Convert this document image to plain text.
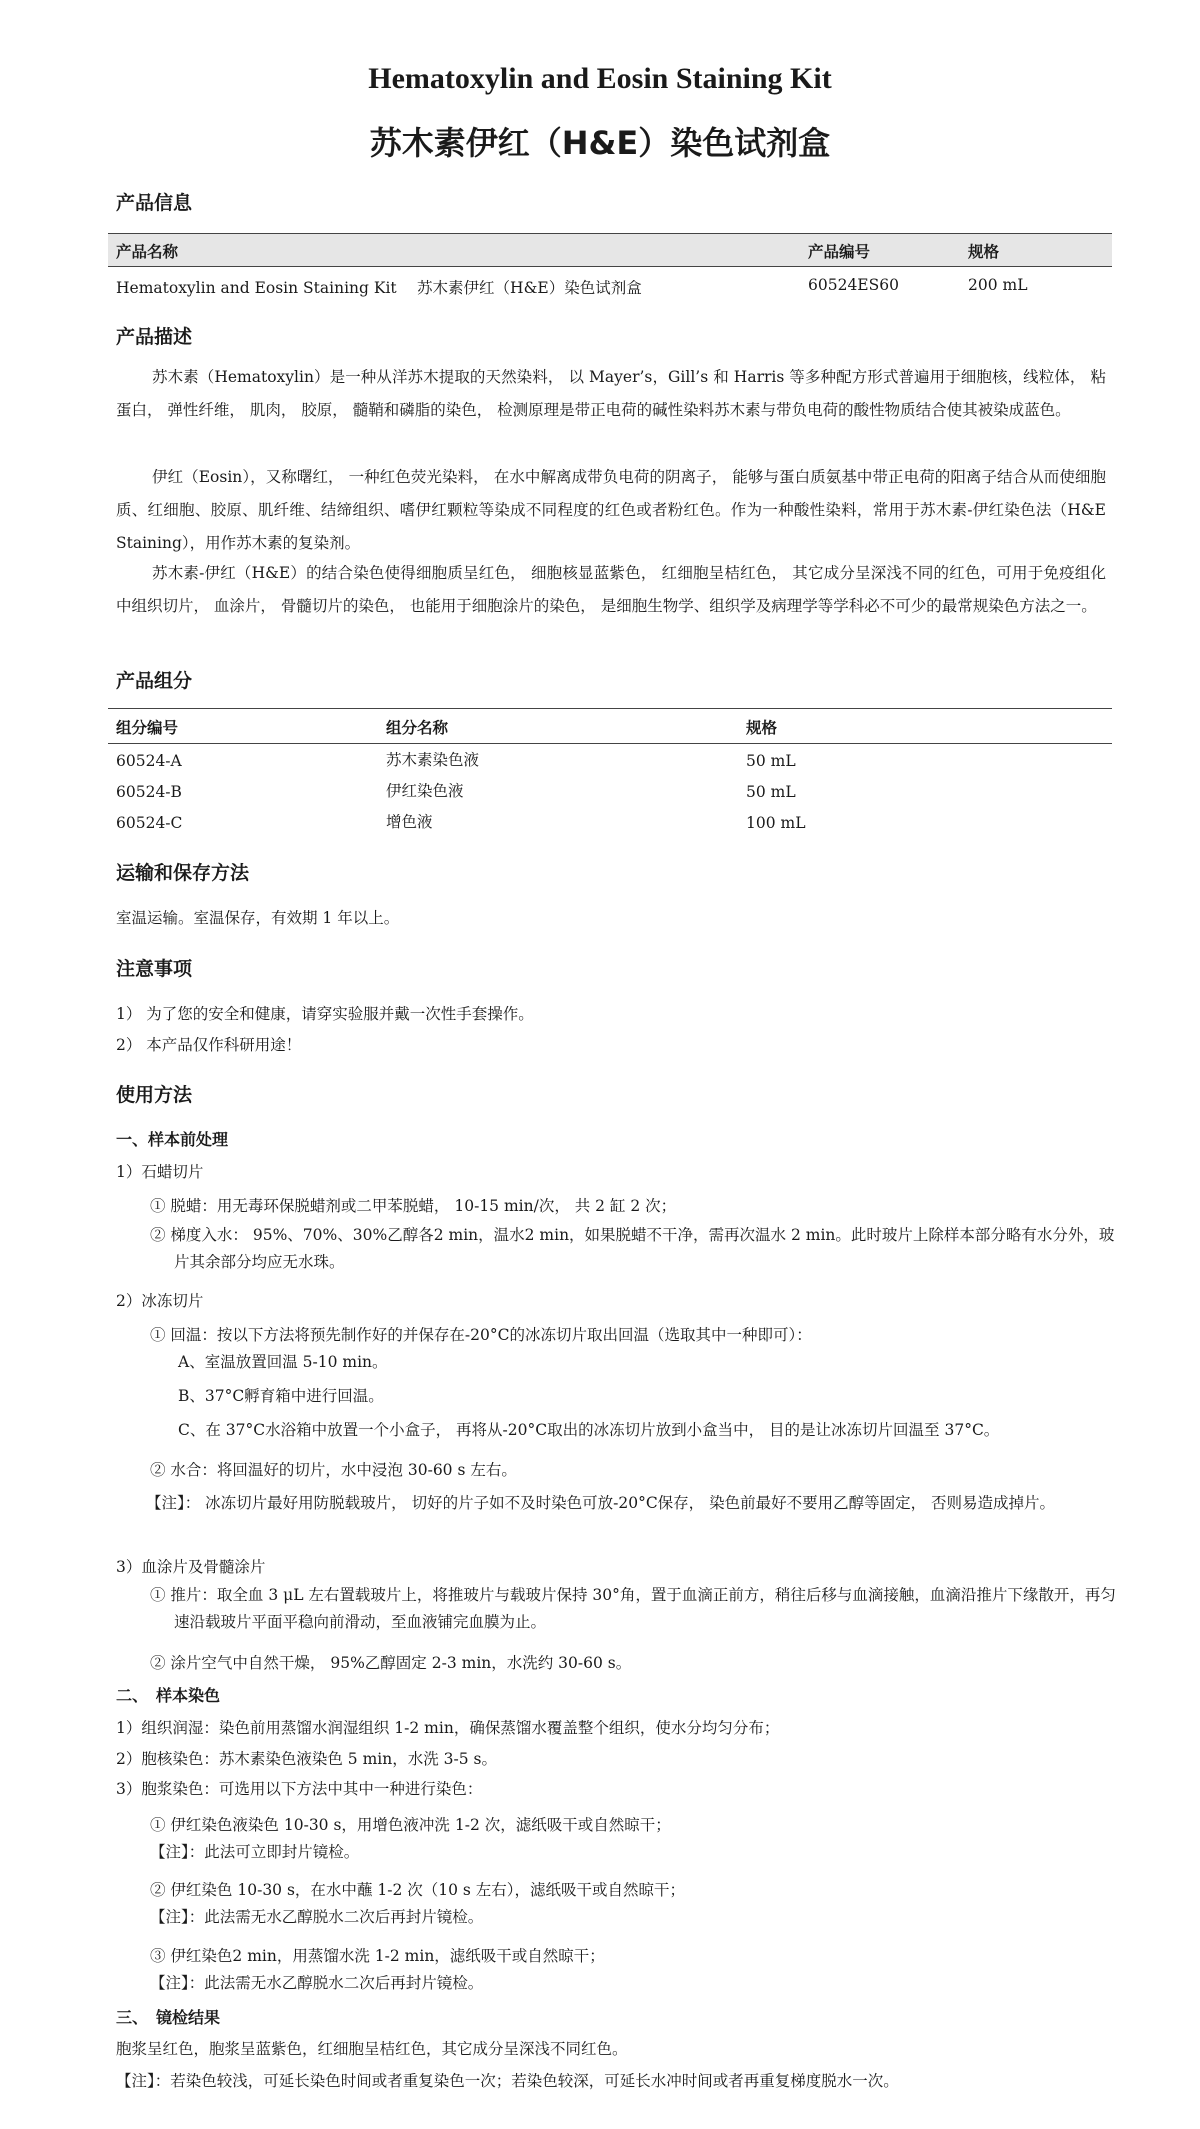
Hematoxylin and Eosin Staining Kit
苏木素伊红（H&E）染色试剂盒
产品信息
产品名称	产品编号	规格
Hematoxylin and Eosin Staining Kit　 苏木素伊红（H&E）染色试剂盒	60524ES60	200 mL
产品描述
苏木素（Hematoxylin）是一种从洋苏木提取的天然染料， 以 Mayer’s，Gill’s 和 Harris 等多种配方形式普遍用于细胞核，线粒体， 粘蛋白， 弹性纤维， 肌肉， 胶原， 髓鞘和磷脂的染色， 检测原理是带正电荷的碱性染料苏木素与带负电荷的酸性物质结合使其被染成蓝色。
伊红（Eosin），又称曙红， 一种红色荧光染料， 在水中解离成带负电荷的阴离子， 能够与蛋白质氨基中带正电荷的阳离子结合从而使细胞质、红细胞、胶原、肌纤维、结缔组织、嗜伊红颗粒等染成不同程度的红色或者粉红色。作为一种酸性染料，常用于苏木素-伊红染色法（H&E Staining），用作苏木素的复染剂。
苏木素-伊红（H&E）的结合染色使得细胞质呈红色， 细胞核显蓝紫色， 红细胞呈桔红色， 其它成分呈深浅不同的红色，可用于免疫组化中组织切片， 血涂片， 骨髓切片的染色， 也能用于细胞涂片的染色， 是细胞生物学、组织学及病理学等学科必不可少的最常规染色方法之一。
产品组分
组分编号	组分名称	规格
60524-A	苏木素染色液	50 mL
60524-B	伊红染色液	50 mL
60524-C	增色液	100 mL
运输和保存方法
室温运输。室温保存，有效期 1 年以上。
注意事项
1） 为了您的安全和健康，请穿实验服并戴一次性手套操作。
2） 本产品仅作科研用途！
使用方法
一、样本前处理
1）石蜡切片
① 脱蜡：用无毒环保脱蜡剂或二甲苯脱蜡， 10-15 min/次， 共 2 缸 2 次；
② 梯度入水： 95%、70%、30%乙醇各2 min，温水2 min，如果脱蜡不干净，需再次温水 2 min。此时玻片上除样本部分略有水分外，玻片其余部分均应无水珠。
2）冰冻切片
① 回温：按以下方法将预先制作好的并保存在-20°C的冰冻切片取出回温（选取其中一种即可）：
A、室温放置回温 5-10 min。
B、37°C孵育箱中进行回温。
C、在 37°C水浴箱中放置一个小盒子， 再将从-20°C取出的冰冻切片放到小盒当中， 目的是让冰冻切片回温至 37°C。
② 水合：将回温好的切片，水中浸泡 30-60 s 左右。
【注】： 冰冻切片最好用防脱载玻片， 切好的片子如不及时染色可放-20°C保存， 染色前最好不要用乙醇等固定， 否则易造成掉片。
3）血涂片及骨髓涂片
① 推片：取全血 3 μL 左右置载玻片上，将推玻片与载玻片保持 30°角，置于血滴正前方，稍往后移与血滴接触，血滴沿推片下缘散开，再匀速沿载玻片平面平稳向前滑动，至血液铺完血膜为止。
② 涂片空气中自然干燥， 95%乙醇固定 2-3 min，水洗约 30-60 s。
二、　样本染色
1）组织润湿：染色前用蒸馏水润湿组织 1-2 min，确保蒸馏水覆盖整个组织，使水分均匀分布；
2）胞核染色：苏木素染色液染色 5 min，水洗 3-5 s。
3）胞浆染色：可选用以下方法中其中一种进行染色：
① 伊红染色液染色 10-30 s，用增色液冲洗 1-2 次，滤纸吸干或自然晾干；
【注】：此法可立即封片镜检。
② 伊红染色 10-30 s，在水中蘸 1-2 次（10 s 左右），滤纸吸干或自然晾干；
【注】：此法需无水乙醇脱水二次后再封片镜检。
③ 伊红染色2 min，用蒸馏水洗 1-2 min，滤纸吸干或自然晾干；
【注】：此法需无水乙醇脱水二次后再封片镜检。
三、　镜检结果
胞浆呈红色，胞浆呈蓝紫色，红细胞呈桔红色，其它成分呈深浅不同红色。
【注】：若染色较浅，可延长染色时间或者重复染色一次；若染色较深，可延长水冲时间或者再重复梯度脱水一次。
